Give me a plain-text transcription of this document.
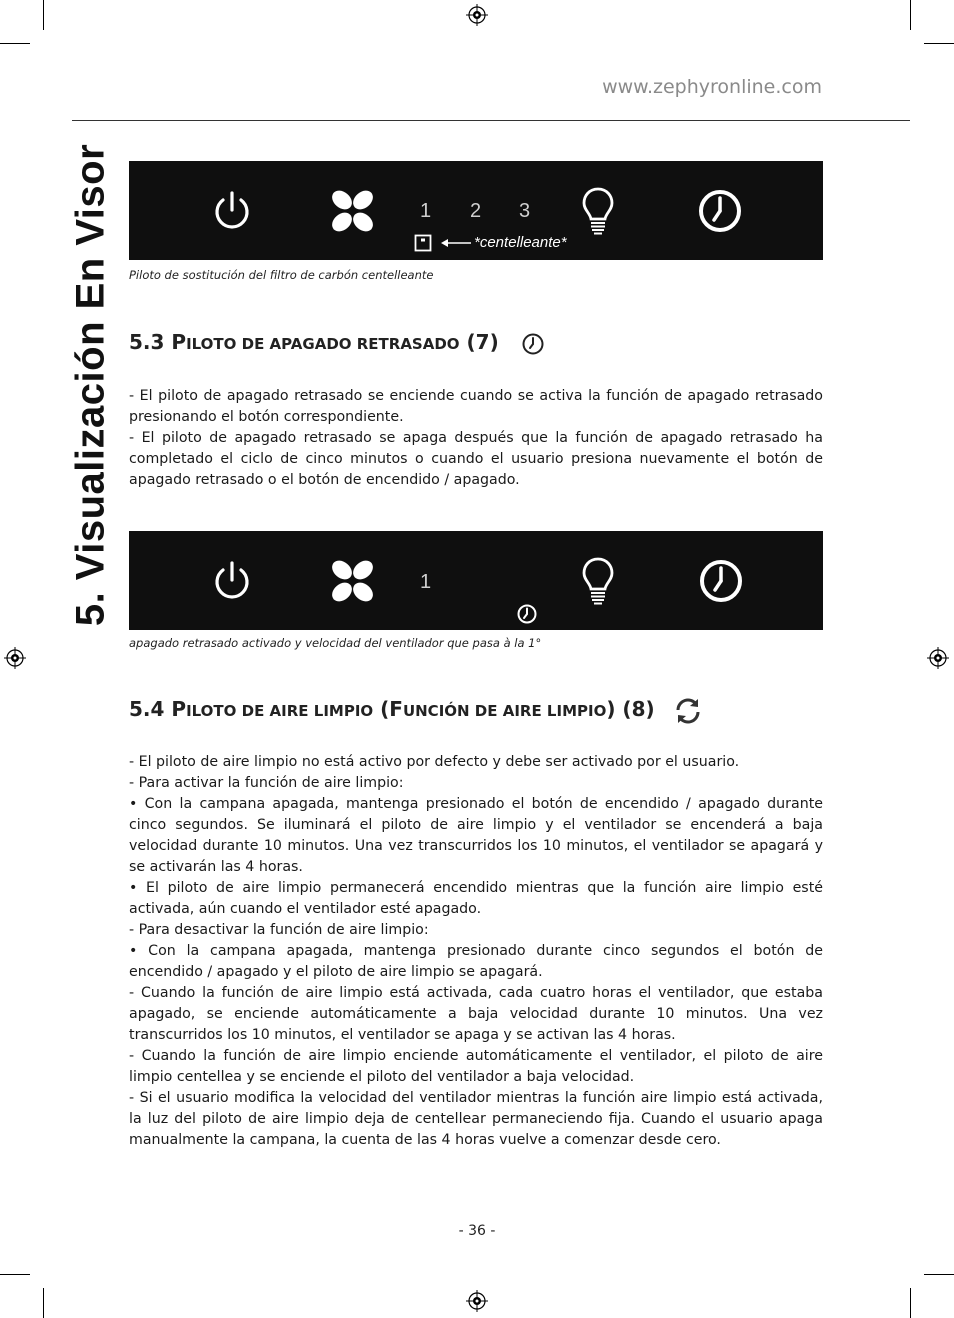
www.zephyronline.com
5. Visualización En Visor	1 2 3
*centelleante*
Piloto de sostitución del filtro de carbón centelleante
5.3 PILOTO DE APAGADO RETRASADO (7)

- El piloto de apagado retrasado se enciende cuando se activa la función de apagado retrasado presionando el botón correspondiente.

- El piloto de apagado retrasado se apaga después que la función de apagado retrasado ha completado el ciclo de cinco minutos o cuando el usuario presiona nuevamente el botón de apagado retrasado o el botón de encendido / apagado.

1
apagado retrasado activado y velocidad del ventilador que pasa à la 1°
5.4 PILOTO DE AIRE LIMPIO (FUNCIÓN DE AIRE LIMPIO) (8)

- El piloto de aire limpio no está activo por defecto y debe ser activado por el usuario.

- Para activar la función de aire limpio:

• Con la campana apagada, mantenga presionado el botón de encendido / apagado durante cinco segundos. Se iluminará el piloto de aire limpio y el ventilador se encenderá a baja velocidad durante 10 minutos. Una vez transcurridos los 10 minutos, el ventilador se apagará y se activarán las 4 horas.

• El piloto de aire limpio permanecerá encendido mientras que la función aire limpio esté activada, aún cuando el ventilador esté apagado.

- Para desactivar la función de aire limpio:

• Con la campana apagada, mantenga presionado durante cinco segundos el botón de encendido / apagado y el piloto de aire limpio se apagará.

- Cuando la función de aire limpio está activada, cada cuatro horas el ventilador, que estaba apagado, se enciende automáticamente a baja velocidad durante 10 minutos. Una vez transcurridos los 10 minutos, el ventilador se apaga y se activan las 4 horas.

- Cuando la función de aire limpio enciende automáticamente el ventilador, el piloto de aire limpio centellea y se enciende el piloto del ventilador a baja velocidad.

- Si el usuario modifica la velocidad del ventilador mientras la función aire limpio está activada, la luz del piloto de aire limpio deja de centellear permaneciendo fija. Cuando el usuario apaga manualmente la campana, la cuenta de las 4 horas vuelve a comenzar desde cero.

- 36 -
